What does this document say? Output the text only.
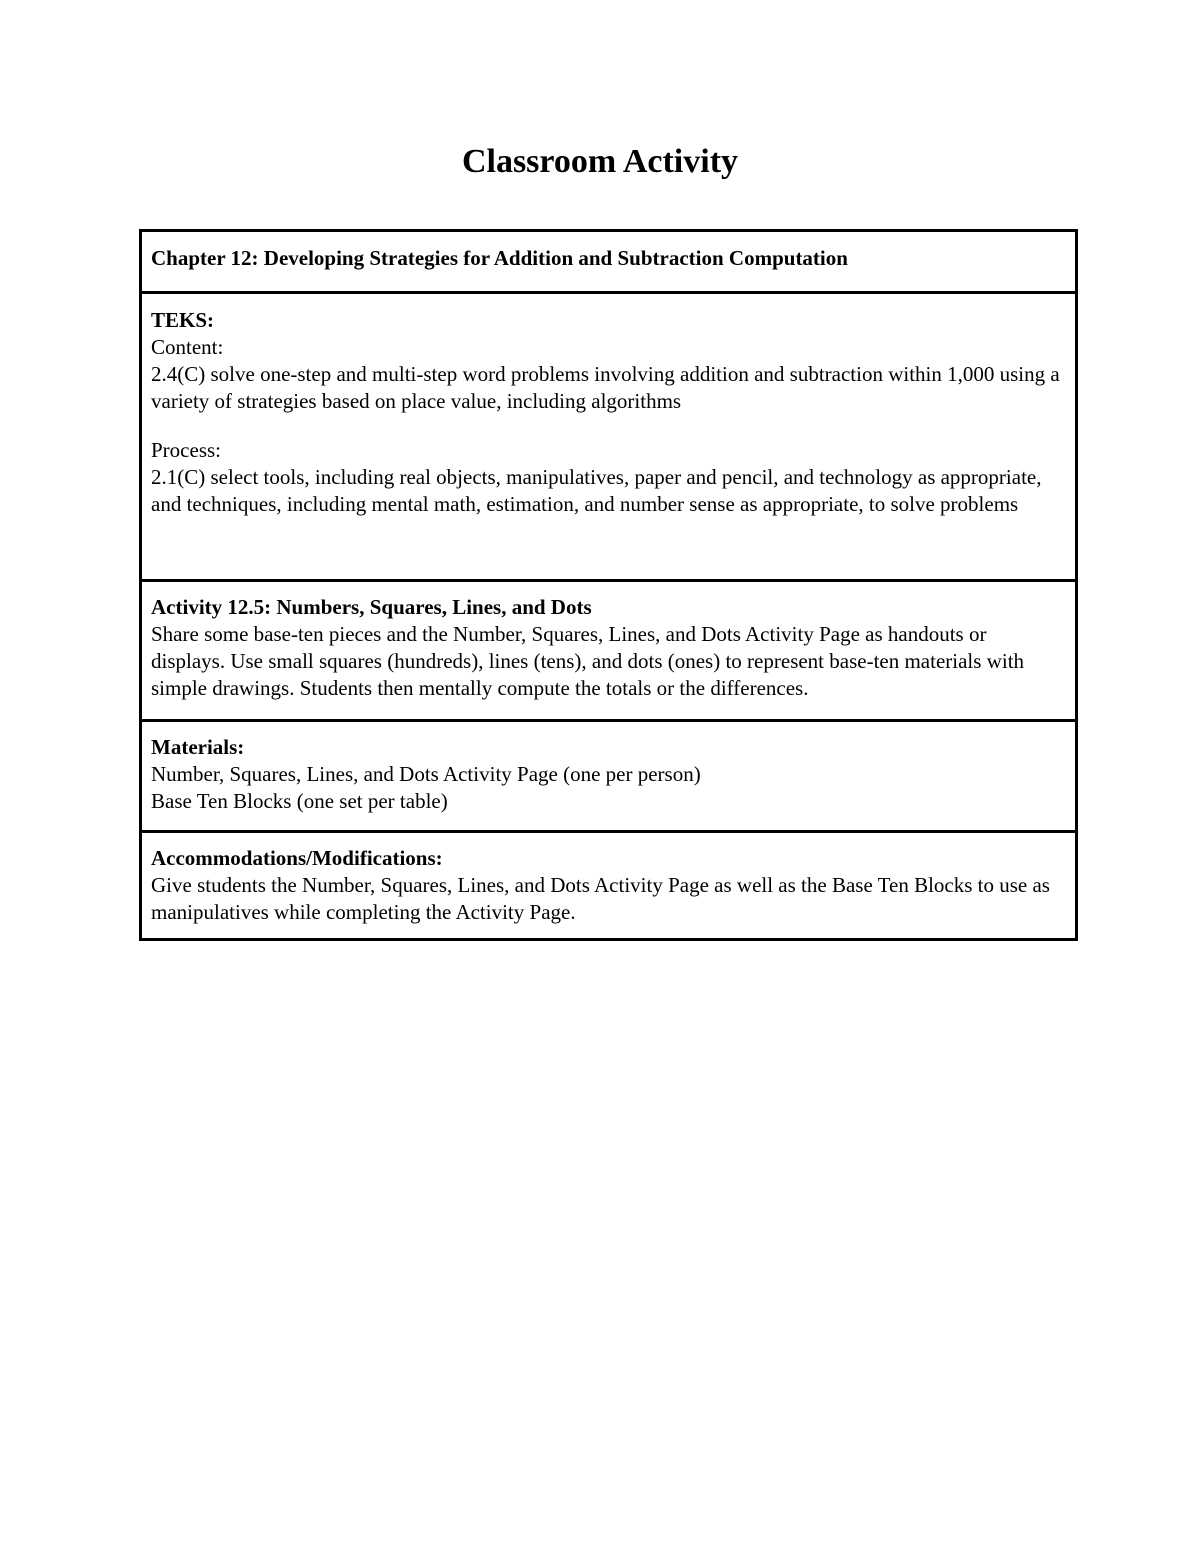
Classroom Activity
Chapter 12: Developing Strategies for Addition and Subtraction Computation
TEKS:
Content:
2.4(C) solve one-step and multi-step word problems involving addition and subtraction within 1,000 using a variety of strategies based on place value, including algorithms
Process:
2.1(C) select tools, including real objects, manipulatives, paper and pencil, and technology as appropriate, and techniques, including mental math, estimation, and number sense as appropriate, to solve problems
Activity 12.5: Numbers, Squares, Lines, and Dots
Share some base-ten pieces and the Number, Squares, Lines, and Dots Activity Page as handouts or displays. Use small squares (hundreds), lines (tens), and dots (ones) to represent base-ten materials with simple drawings. Students then mentally compute the totals or the differences.
Materials:
Number, Squares, Lines, and Dots Activity Page (one per person)
Base Ten Blocks (one set per table)
Accommodations/Modifications:
Give students the Number, Squares, Lines, and Dots Activity Page as well as the Base Ten Blocks to use as manipulatives while completing the Activity Page.
